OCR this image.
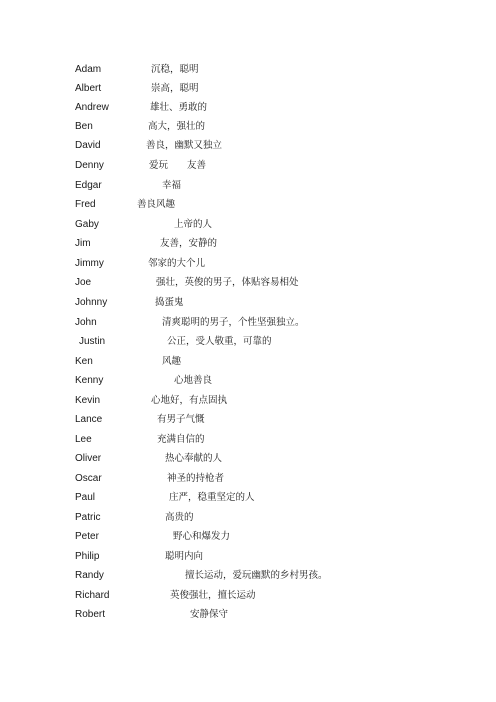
Adam	沉稳，聪明
Albert	崇高，聪明
Andrew	雄壮、勇敢的
Ben	高大，强壮的
David	善良，幽默又独立
Denny	爱玩　　友善
Edgar	幸福
Fred	善良风趣
Gaby	上帝的人
Jim	友善，安静的
Jimmy	邻家的大个儿
Joe	强壮，英俊的男子，体贴容易相处
Johnny	捣蛋鬼
John	清爽聪明的男子，个性坚强独立。
Justin	公正，受人敬重，可靠的
Ken	风趣
Kenny	心地善良
Kevin	心地好，有点固执
Lance	有男子气慨
Lee	充满自信的
Oliver	热心奉献的人
Oscar	神圣的持枪者
Paul	庄严，稳重坚定的人
Patric	高贵的
Peter	野心和爆发力
Philip	聪明内向
Randy	擅长运动，爱玩幽默的乡村男孩。
Richard	英俊强壮，擅长运动
Robert	安静保守
